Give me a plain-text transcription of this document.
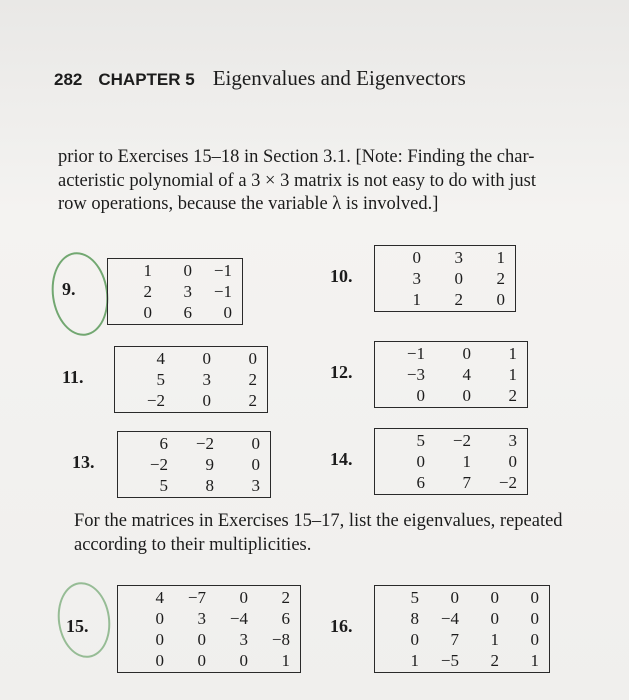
282 CHAPTER 5 Eigenvalues and Eigenvectors
prior to Exercises 15–18 in Section 3.1. [Note: Finding the char-
acteristic polynomial of a 3 × 3 matrix is not easy to do with just
row operations, because the variable λ is involved.]
9.
1	0	−1
2	3	−1
0	6	0
10.
0	3	1
3	0	2
1	2	0
11.
4	0	0
5	3	2
−2	0	2
12.
−1	0	1
−3	4	1
0	0	2
13.
6	−2	0
−2	9	0
5	8	3
14.
5	−2	3
0	1	0
6	7	−2
15.
4	−7	0	2
0	3	−4	6
0	0	3	−8
0	0	0	1
16.
5	0	0	0
8	−4	0	0
0	7	1	0
1	−5	2	1
For the matrices in Exercises 15–17, list the eigenvalues, repeated
according to their multiplicities.
